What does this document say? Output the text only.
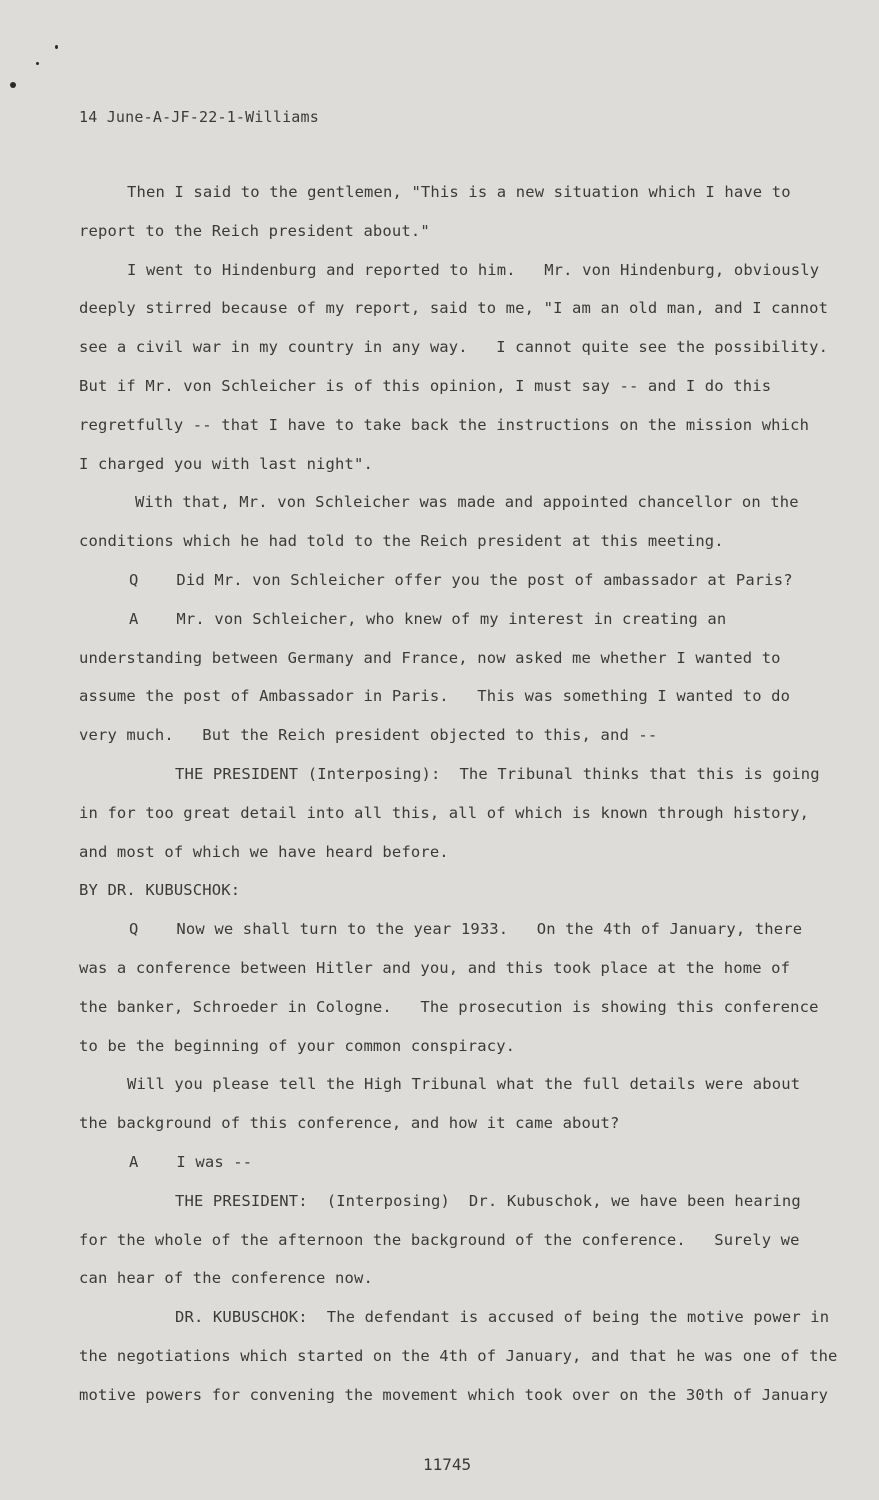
14 June-A-JF-22-1-Williams
Then I said to the gentlemen, "This is a new situation which I have to
report to the Reich president about."
I went to Hindenburg and reported to him.   Mr. von Hindenburg, obviously
deeply stirred because of my report, said to me, "I am an old man, and I cannot
see a civil war in my country in any way.   I cannot quite see the possibility.
But if Mr. von Schleicher is of this opinion, I must say -- and I do this
regretfully -- that I have to take back the instructions on the mission which
I charged you with last night".
With that, Mr. von Schleicher was made and appointed chancellor on the
conditions which he had told to the Reich president at this meeting.
Q    Did Mr. von Schleicher offer you the post of ambassador at Paris?
A    Mr. von Schleicher, who knew of my interest in creating an
understanding between Germany and France, now asked me whether I wanted to
assume the post of Ambassador in Paris.   This was something I wanted to do
very much.   But the Reich president objected to this, and --
THE PRESIDENT (Interposing):  The Tribunal thinks that this is going
in for too great detail into all this, all of which is known through history,
and most of which we have heard before.
BY DR. KUBUSCHOK:
Q    Now we shall turn to the year 1933.   On the 4th of January, there
was a conference between Hitler and you, and this took place at the home of
the banker, Schroeder in Cologne.   The prosecution is showing this conference
to be the beginning of your common conspiracy.
Will you please tell the High Tribunal what the full details were about
the background of this conference, and how it came about?
A    I was --
THE PRESIDENT:  (Interposing)  Dr. Kubuschok, we have been hearing
for the whole of the afternoon the background of the conference.   Surely we
can hear of the conference now.
DR. KUBUSCHOK:  The defendant is accused of being the motive power in
the negotiations which started on the 4th of January, and that he was one of the
motive powers for convening the movement which took over on the 30th of January
11745
